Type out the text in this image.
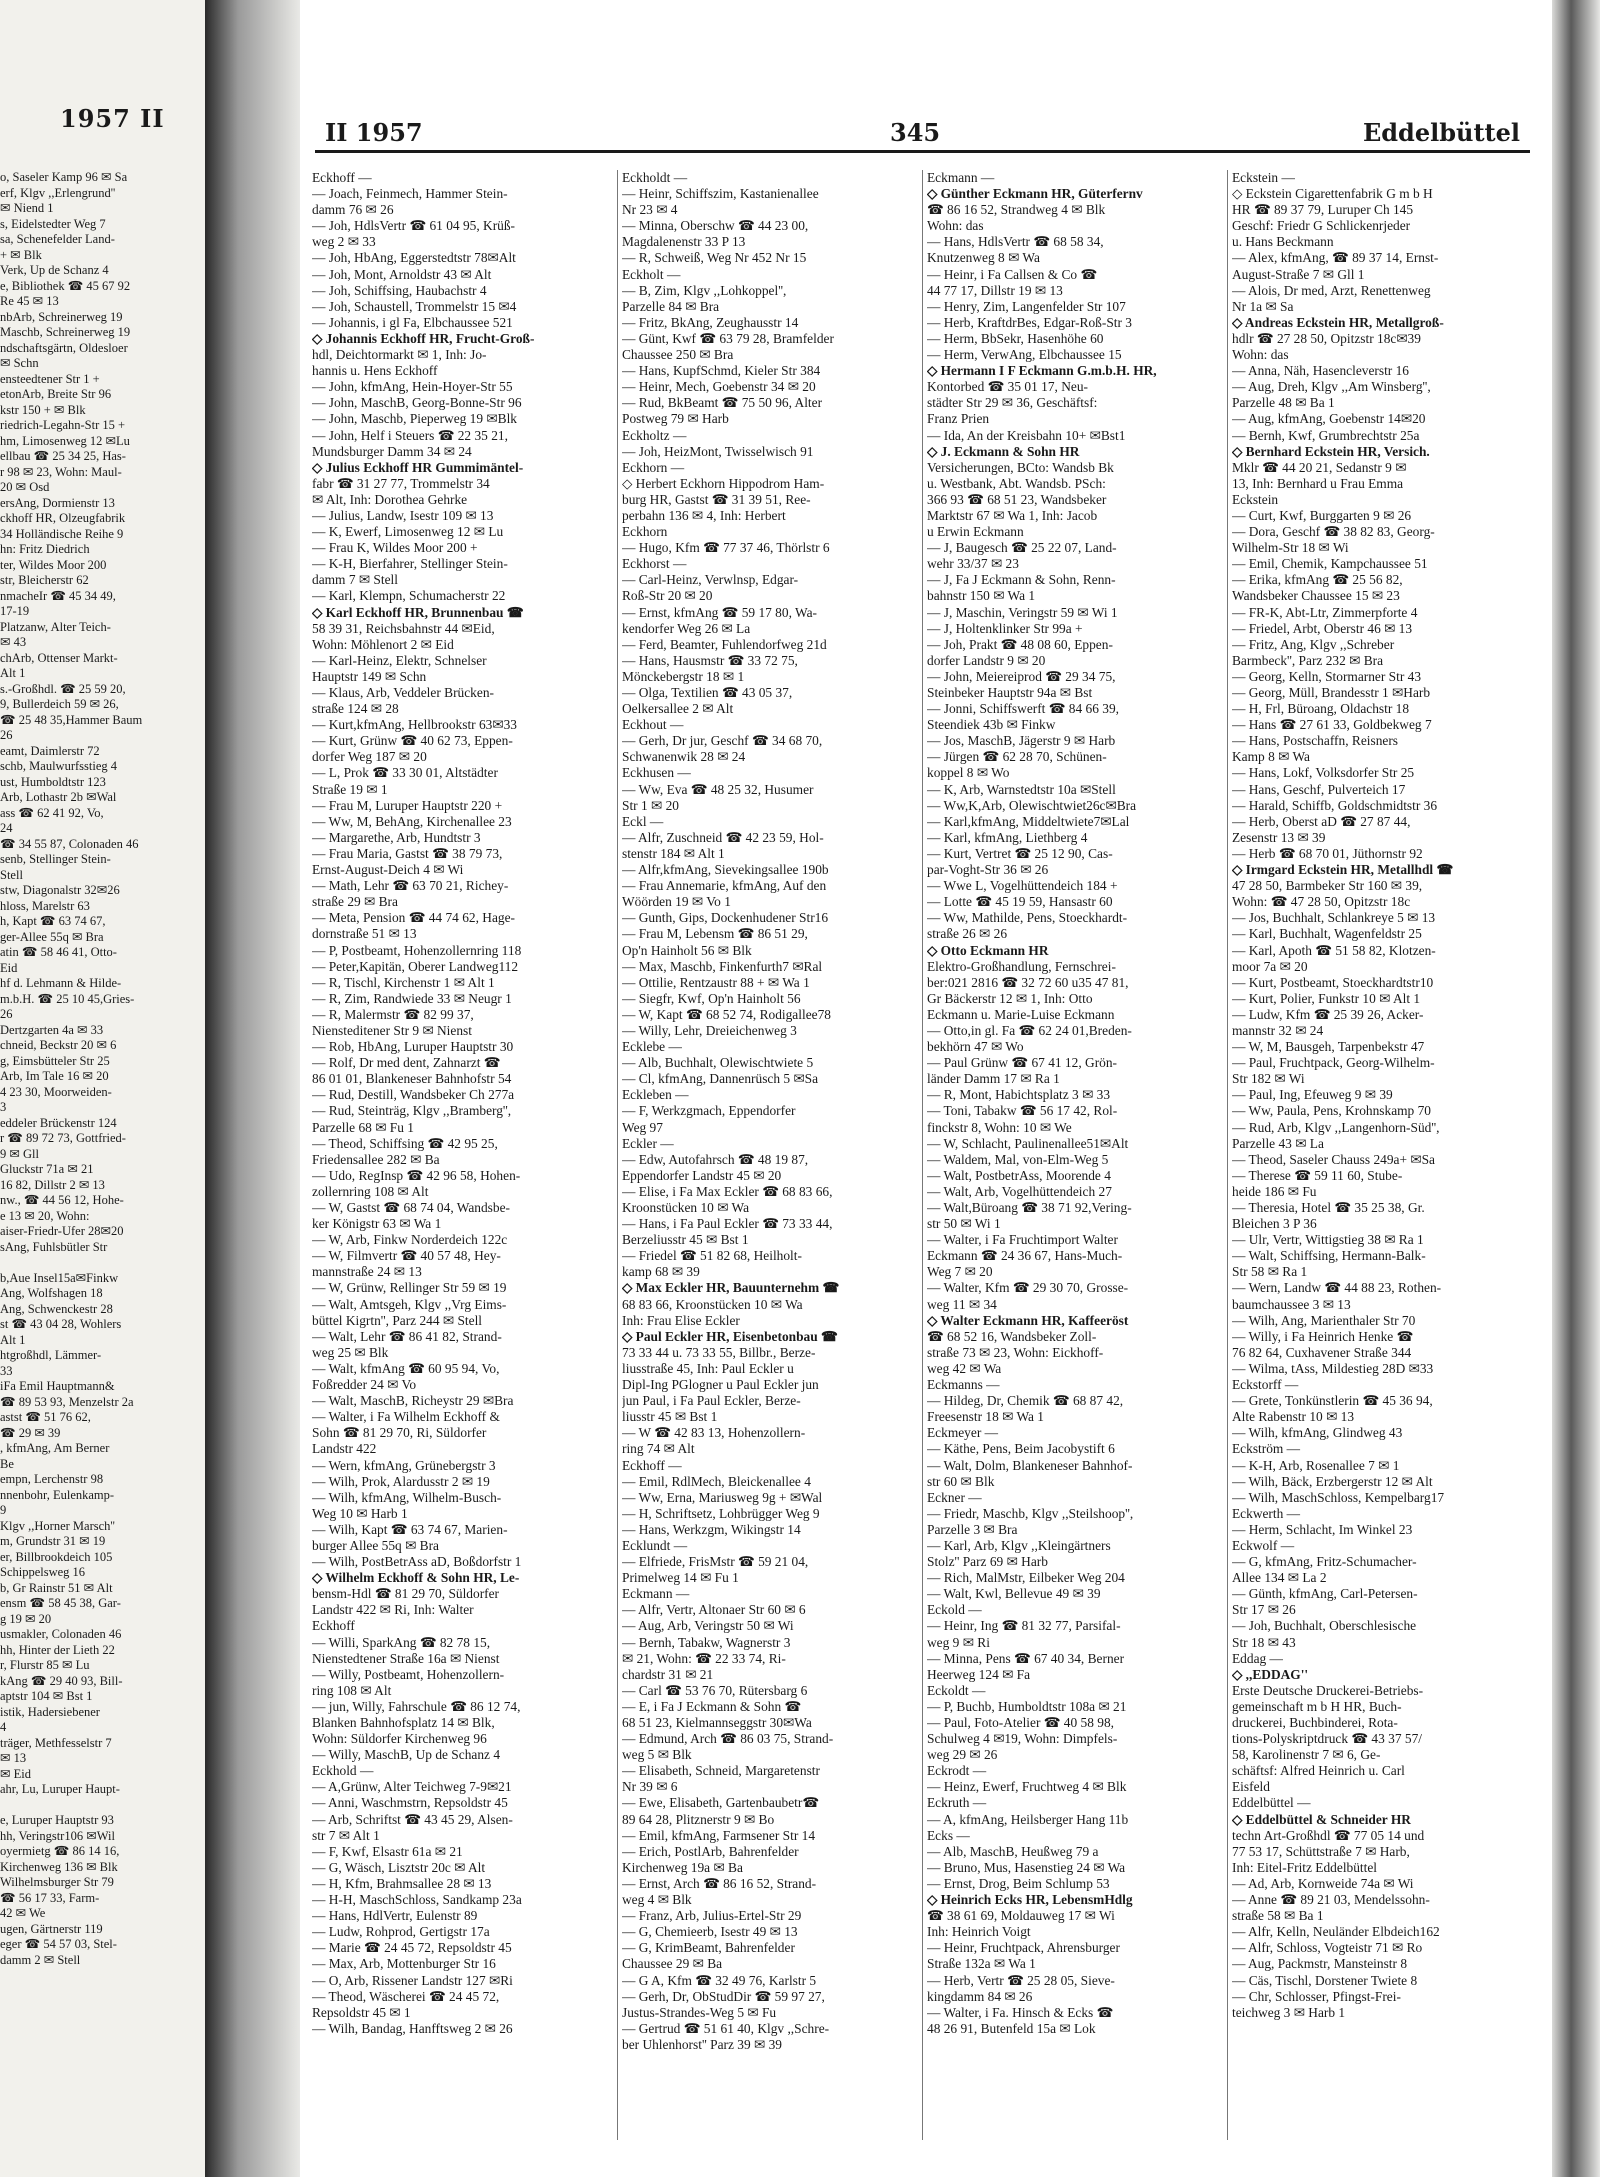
1957 II
o, Saseler Kamp 96 ✉ Sa
erf, Klgv ,,Erlengrund''
✉ Niend 1
s, Eidelstedter Weg 7
sa, Schenefelder Land-
+ ✉ Blk
Verk, Up de Schanz 4
e, Bibliothek ☎ 45 67 92
Re 45 ✉ 13
nbArb, Schreinerweg 19
Maschb, Schreinerweg 19
ndschaftsgärtn, Oldesloer
✉ Schn
ensteedtener Str 1 +
etonArb, Breite Str 96
kstr 150 + ✉ Blk
riedrich-Legahn-Str 15 +
hm, Limosenweg 12 ✉Lu
ellbau ☎ 25 34 25, Has-
r 98 ✉ 23, Wohn: Maul-
20 ✉ Osd
ersAng, Dormienstr 13
ckhoff HR, Olzeugfabrik
34 Holländische Reihe 9
hn: Fritz Diedrich
ter, Wildes Moor 200
str, Bleicherstr 62
nmacheIr ☎ 45 34 49,
17-19
Platzanw, Alter Teich-
✉ 43
chArb, Ottenser Markt-
Alt 1
s.-Großhdl. ☎ 25 59 20,
9, Bullerdeich 59 ✉ 26,
☎ 25 48 35,Hammer Baum
26
eamt, Daimlerstr 72
schb, Maulwurfsstieg 4
ust, Humboldtstr 123
Arb, Lothastr 2b ✉Wal
ass ☎ 62 41 92, Vo,
24
☎ 34 55 87, Colonaden 46
senb, Stellinger Stein-
Stell
stw, Diagonalstr 32✉26
hloss, Marelstr 63
h, Kapt ☎ 63 74 67,
ger-Allee 55q ✉ Bra
atin ☎ 58 46 41, Otto-
Eid
hf d. Lehmann & Hilde-
m.b.H. ☎ 25 10 45,Gries-
26
Dertzgarten 4a ✉ 33
chneid, Beckstr 20 ✉ 6
g, Eimsbütteler Str 25
Arb, Im Tale 16 ✉ 20
4 23 30, Moorweiden-
3
eddeler Brückenstr 124
r ☎ 89 72 73, Gottfried-
9 ✉ Gll
Gluckstr 71a ✉ 21
16 82, Dillstr 2 ✉ 13
nw., ☎ 44 56 12, Hohe-
e 13 ✉ 20, Wohn:
aiser-Friedr-Ufer 28✉20
sAng, Fuhlsbütler Str

b,Aue Insel15a✉Finkw
Ang, Wolfshagen 18
Ang, Schwenckestr 28
st ☎ 43 04 28, Wohlers
Alt 1
htgroßhdl, Lämmer-
33
iFa Emil Hauptmann&
☎ 89 53 93, Menzelstr 2a
astst ☎ 51 76 62,
☎ 29 ✉ 39
, kfmAng, Am Berner
Be
empn, Lerchenstr 98
nnenbohr, Eulenkamp-
9
Klgv ,,Horner Marsch''
m, Grundstr 31 ✉ 19
er, Billbrookdeich 105
Schippelsweg 16
b, Gr Rainstr 51 ✉ Alt
ensm ☎ 58 45 38, Gar-
g 19 ✉ 20
usmakler, Colonaden 46
hh, Hinter der Lieth 22
r, Flurstr 85 ✉ Lu
kAng ☎ 29 40 93, Bill-
aptstr 104 ✉ Bst 1
istik, Hadersiebener
4
träger, Methfesselstr 7
✉ 13
✉ Eid
ahr, Lu, Luruper Haupt-

e, Luruper Hauptstr 93
hh, Veringstr106 ✉Wil
oyermietg ☎ 86 14 16,
Kirchenweg 136 ✉ Blk
Wilhelmsburger Str 79
☎ 56 17 33, Farm-
42 ✉ We
ugen, Gärtnerstr 119
eger ☎ 54 57 03, Stel-
damm 2 ✉ Stell
II 1957	345	Eddelbüttel
Eckhoff —
— Joach, Feinmech, Hammer Stein-
damm 76 ✉ 26
— Joh, HdlsVertr ☎ 61 04 95, Krüß-
weg 2 ✉ 33
— Joh, HbAng, Eggerstedtstr 78✉Alt
— Joh, Mont, Arnoldstr 43 ✉ Alt
— Joh, Schiffsing, Haubachstr 4
— Joh, Schaustell, Trommelstr 15 ✉4
— Johannis, i gl Fa, Elbchaussee 521
◇ Johannis Eckhoff HR, Frucht-Groß-
hdl, Deichtormarkt ✉ 1, Inh: Jo-
hannis u. Hens Eckhoff
— John, kfmAng, Hein-Hoyer-Str 55
— John, MaschB, Georg-Bonne-Str 96
— John, Maschb, Pieperweg 19 ✉Blk
— John, Helf i Steuers ☎ 22 35 21,
Mundsburger Damm 34 ✉ 24
◇ Julius Eckhoff HR Gummimäntel-
fabr ☎ 31 27 77, Trommelstr 34
✉ Alt, Inh: Dorothea Gehrke
— Julius, Landw, Isestr 109 ✉ 13
— K, Ewerf, Limosenweg 12 ✉ Lu
— Frau K, Wildes Moor 200 +
— K-H, Bierfahrer, Stellinger Stein-
damm 7 ✉ Stell
— Karl, Klempn, Schumacherstr 22
◇ Karl Eckhoff HR, Brunnenbau ☎
58 39 31, Reichsbahnstr 44 ✉Eid,
Wohn: Möhlenort 2 ✉ Eid
— Karl-Heinz, Elektr, Schnelser
Hauptstr 149 ✉ Schn
— Klaus, Arb, Veddeler Brücken-
straße 124 ✉ 28
— Kurt,kfmAng, Hellbrookstr 63✉33
— Kurt, Grünw ☎ 40 62 73, Eppen-
dorfer Weg 187 ✉ 20
— L, Prok ☎ 33 30 01, Altstädter
Straße 19 ✉ 1
— Frau M, Luruper Hauptstr 220 +
— Ww, M, BehAng, Kirchenallee 23
— Margarethe, Arb, Hundtstr 3
— Frau Maria, Gastst ☎ 38 79 73,
Ernst-August-Deich 4 ✉ Wi
— Math, Lehr ☎ 63 70 21, Richey-
straße 29 ✉ Bra
— Meta, Pension ☎ 44 74 62, Hage-
dornstraße 51 ✉ 13
— P, Postbeamt, Hohenzollernring 118
— Peter,Kapitän, Oberer Landweg112
— R, Tischl, Kirchenstr 1 ✉ Alt 1
— R, Zim, Randwiede 33 ✉ Neugr 1
— R, Malermstr ☎ 82 99 37,
Niensteditener Str 9 ✉ Nienst
— Rob, HbAng, Luruper Hauptstr 30
— Rolf, Dr med dent, Zahnarzt ☎
86 01 01, Blankeneser Bahnhofstr 54
— Rud, Destill, Wandsbeker Ch 277a
— Rud, Steinträg, Klgv ,,Bramberg'',
Parzelle 68 ✉ Fu 1
— Theod, Schiffsing ☎ 42 95 25,
Friedensallee 282 ✉ Ba
— Udo, RegInsp ☎ 42 96 58, Hohen-
zollernring 108 ✉ Alt
— W, Gastst ☎ 68 74 04, Wandsbe-
ker Königstr 63 ✉ Wa 1
— W, Arb, Finkw Norderdeich 122c
— W, Filmvertr ☎ 40 57 48, Hey-
mannstraße 24 ✉ 13
— W, Grünw, Rellinger Str 59 ✉ 19
— Walt, Amtsgeh, Klgv ,,Vrg Eims-
büttel Kigrtn'', Parz 244 ✉ Stell
— Walt, Lehr ☎ 86 41 82, Strand-
weg 25 ✉ Blk
— Walt, kfmAng ☎ 60 95 94, Vo,
Foßredder 24 ✉ Vo
— Walt, MaschB, Richeystr 29 ✉Bra
— Walter, i Fa Wilhelm Eckhoff &
Sohn ☎ 81 29 70, Ri, Süldorfer
Landstr 422
— Wern, kfmAng, Grünebergstr 3
— Wilh, Prok, Alardusstr 2 ✉ 19
— Wilh, kfmAng, Wilhelm-Busch-
Weg 10 ✉ Harb 1
— Wilh, Kapt ☎ 63 74 67, Marien-
burger Allee 55q ✉ Bra
— Wilh, PostBetrAss aD, Boßdorfstr 1
◇ Wilhelm Eckhoff & Sohn HR, Le-
bensm-Hdl ☎ 81 29 70, Süldorfer
Landstr 422 ✉ Ri, Inh: Walter
Eckhoff
— Willi, SparkAng ☎ 82 78 15,
Nienstedtener Straße 16a ✉ Nienst
— Willy, Postbeamt, Hohenzollern-
ring 108 ✉ Alt
— jun, Willy, Fahrschule ☎ 86 12 74,
Blanken Bahnhofsplatz 14 ✉ Blk,
Wohn: Süldorfer Kirchenweg 96
— Willy, MaschB, Up de Schanz 4
Eckhold —
— A,Grünw, Alter Teichweg 7-9✉21
— Anni, Waschmstrn, Repsoldstr 45
— Arb, Schriftst ☎ 43 45 29, Alsen-
str 7 ✉ Alt 1
— F, Kwf, Elsastr 61a ✉ 21
— G, Wäsch, Lisztstr 20c ✉ Alt
— H, Kfm, Brahmsallee 28 ✉ 13
— H-H, MaschSchloss, Sandkamp 23a
— Hans, HdlVertr, Eulenstr 89
— Ludw, Rohprod, Gertigstr 17a
— Marie ☎ 24 45 72, Repsoldstr 45
— Max, Arb, Mottenburger Str 16
— O, Arb, Rissener Landstr 127 ✉Ri
— Theod, Wäscherei ☎ 24 45 72,
Repsoldstr 45 ✉ 1
— Wilh, Bandag, Hanfftsweg 2 ✉ 26
Eckholdt —
— Heinr, Schiffszim, Kastanienallee
Nr 23 ✉ 4
— Minna, Oberschw ☎ 44 23 00,
Magdalenenstr 33 P 13
— R, Schweiß, Weg Nr 452 Nr 15
Eckholt —
— B, Zim, Klgv ,,Lohkoppel'',
Parzelle 84 ✉ Bra
— Fritz, BkAng, Zeughausstr 14
— Günt, Kwf ☎ 63 79 28, Bramfelder
Chaussee 250 ✉ Bra
— Hans, KupfSchmd, Kieler Str 384
— Heinr, Mech, Goebenstr 34 ✉ 20
— Rud, BkBeamt ☎ 75 50 96, Alter
Postweg 79 ✉ Harb
Eckholtz —
— Joh, HeizMont, Twisselwisch 91
Eckhorn —
◇ Herbert Eckhorn Hippodrom Ham-
burg HR, Gastst ☎ 31 39 51, Ree-
perbahn 136 ✉ 4, Inh: Herbert
Eckhorn
— Hugo, Kfm ☎ 77 37 46, Thörlstr 6
Eckhorst —
— Carl-Heinz, Verwlnsp, Edgar-
Roß-Str 20 ✉ 20
— Ernst, kfmAng ☎ 59 17 80, Wa-
kendorfer Weg 26 ✉ La
— Ferd, Beamter, Fuhlendorfweg 21d
— Hans, Hausmstr ☎ 33 72 75,
Mönckebergstr 18 ✉ 1
— Olga, Textilien ☎ 43 05 37,
Oelkersallee 2 ✉ Alt
Eckhout —
— Gerh, Dr jur, Geschf ☎ 34 68 70,
Schwanenwik 28 ✉ 24
Eckhusen —
— Ww, Eva ☎ 48 25 32, Husumer
Str 1 ✉ 20
Eckl —
— Alfr, Zuschneid ☎ 42 23 59, Hol-
stenstr 184 ✉ Alt 1
— Alfr,kfmAng, Sievekingsallee 190b
— Frau Annemarie, kfmAng, Auf den
Wöörden 19 ✉ Vo 1
— Gunth, Gips, Dockenhudener Str16
— Frau M, Lebensm ☎ 86 51 29,
Op'n Hainholt 56 ✉ Blk
— Max, Maschb, Finkenfurth7 ✉Ral
— Ottilie, Rentzaustr 88 + ✉ Wa 1
— Siegfr, Kwf, Op'n Hainholt 56
— W, Kapt ☎ 68 52 74, Rodigallee78
— Willy, Lehr, Dreieichenweg 3
Ecklebe —
— Alb, Buchhalt, Olewischtwiete 5
— Cl, kfmAng, Dannenrüsch 5 ✉Sa
Eckleben —
— F, Werkzgmach, Eppendorfer
Weg 97
Eckler —
— Edw, Autofahrsch ☎ 48 19 87,
Eppendorfer Landstr 45 ✉ 20
— Elise, i Fa Max Eckler ☎ 68 83 66,
Kroonstücken 10 ✉ Wa
— Hans, i Fa Paul Eckler ☎ 73 33 44,
Berzeliusstr 45 ✉ Bst 1
— Friedel ☎ 51 82 68, Heilholt-
kamp 68 ✉ 39
◇ Max Eckler HR, Bauunternehm ☎
68 83 66, Kroonstücken 10 ✉ Wa
Inh: Frau Elise Eckler
◇ Paul Eckler HR, Eisenbetonbau ☎
73 33 44 u. 73 33 55, Billbr., Berze-
liusstraße 45, Inh: Paul Eckler u
Dipl-Ing PGlogner u Paul Eckler jun
jun Paul, i Fa Paul Eckler, Berze-
liusstr 45 ✉ Bst 1
— W ☎ 42 83 13, Hohenzollern-
ring 74 ✉ Alt
Eckhoff —
— Emil, RdlMech, Bleickenallee 4
— Ww, Erna, Mariusweg 9g + ✉Wal
— H, Schriftsetz, Lohbrügger Weg 9
— Hans, Werkzgm, Wikingstr 14
Ecklundt —
— Elfriede, FrisMstr ☎ 59 21 04,
Primelweg 14 ✉ Fu 1
Eckmann —
— Alfr, Vertr, Altonaer Str 60 ✉ 6
— Aug, Arb, Veringstr 50 ✉ Wi
— Bernh, Tabakw, Wagnerstr 3
✉ 21, Wohn: ☎ 22 33 74, Ri-
chardstr 31 ✉ 21
— Carl ☎ 53 76 70, Rütersbarg 6
— E, i Fa J Eckmann & Sohn ☎
68 51 23, Kielmannseggstr 30✉Wa
— Edmund, Arch ☎ 86 03 75, Strand-
weg 5 ✉ Blk
— Elisabeth, Schneid, Margaretenstr
Nr 39 ✉ 6
— Ewe, Elisabeth, Gartenbaubetr☎
89 64 28, Plitznerstr 9 ✉ Bo
— Emil, kfmAng, Farmsener Str 14
— Erich, PostlArb, Bahrenfelder
Kirchenweg 19a ✉ Ba
— Ernst, Arch ☎ 86 16 52, Strand-
weg 4 ✉ Blk
— Franz, Arb, Julius-Ertel-Str 29
— G, Chemieerb, Isestr 49 ✉ 13
— G, KrimBeamt, Bahrenfelder
Chaussee 29 ✉ Ba
— G A, Kfm ☎ 32 49 76, Karlstr 5
— Gerh, Dr, ObStudDir ☎ 59 97 27,
Justus-Strandes-Weg 5 ✉ Fu
— Gertrud ☎ 51 61 40, Klgv ,,Schre-
ber Uhlenhorst'' Parz 39 ✉ 39
Eckmann —
◇ Günther Eckmann HR, Güterfernv
☎ 86 16 52, Strandweg 4 ✉ Blk
Wohn: das
— Hans, HdlsVertr ☎ 68 58 34,
Knutzenweg 8 ✉ Wa
— Heinr, i Fa Callsen & Co ☎
44 77 17, Dillstr 19 ✉ 13
— Henry, Zim, Langenfelder Str 107
— Herb, KraftdrBes, Edgar-Roß-Str 3
— Herm, BbSekr, Hasenhöhe 60
— Herm, VerwAng, Elbchaussee 15
◇ Hermann I F Eckmann G.m.b.H. HR,
Kontorbed ☎ 35 01 17, Neu-
städter Str 29 ✉ 36, Geschäftsf:
Franz Prien
— Ida, An der Kreisbahn 10+ ✉Bst1
◇ J. Eckmann & Sohn HR
Versicherungen, BCto: Wandsb Bk
u. Westbank, Abt. Wandsb. PSch:
366 93 ☎ 68 51 23, Wandsbeker
Marktstr 67 ✉ Wa 1, Inh: Jacob
u Erwin Eckmann
— J, Baugesch ☎ 25 22 07, Land-
wehr 33/37 ✉ 23
— J, Fa J Eckmann & Sohn, Renn-
bahnstr 150 ✉ Wa 1
— J, Maschin, Veringstr 59 ✉ Wi 1
— J, Holtenklinker Str 99a +
— Joh, Prakt ☎ 48 08 60, Eppen-
dorfer Landstr 9 ✉ 20
— John, Meiereiprod ☎ 29 34 75,
Steinbeker Hauptstr 94a ✉ Bst
— Jonni, Schiffswerft ☎ 84 66 39,
Steendiek 43b ✉ Finkw
— Jos, MaschB, Jägerstr 9 ✉ Harb
— Jürgen ☎ 62 28 70, Schünen-
koppel 8 ✉ Wo
— K, Arb, Warnstedtstr 10a ✉Stell
— Ww,K,Arb, Olewischtwiet26c✉Bra
— Karl,kfmAng, Middeltwiete7✉Lal
— Karl, kfmAng, Liethberg 4
— Kurt, Vertret ☎ 25 12 90, Cas-
par-Voght-Str 36 ✉ 26
— Wwe L, Vogelhüttendeich 184 +
— Lotte ☎ 45 19 59, Hansastr 60
— Ww, Mathilde, Pens, Stoeckhardt-
straße 26 ✉ 26
◇ Otto Eckmann HR
Elektro-Großhandlung, Fernschrei-
ber:021 2816 ☎ 32 72 60 u35 47 81,
Gr Bäckerstr 12 ✉ 1, Inh: Otto
Eckmann u. Marie-Luise Eckmann
— Otto,in gl. Fa ☎ 62 24 01,Breden-
bekhörn 47 ✉ Wo
— Paul Grünw ☎ 67 41 12, Grön-
länder Damm 17 ✉ Ra 1
— R, Mont, Habichtsplatz 3 ✉ 33
— Toni, Tabakw ☎ 56 17 42, Rol-
finckstr 8, Wohn: 10 ✉ We
— W, Schlacht, Paulinenallee51✉Alt
— Waldem, Mal, von-Elm-Weg 5
— Walt, PostbetrAss, Moorende 4
— Walt, Arb, Vogelhüttendeich 27
— Walt,Büroang ☎ 38 71 92,Vering-
str 50 ✉ Wi 1
— Walter, i Fa Fruchtimport Walter
Eckmann ☎ 24 36 67, Hans-Much-
Weg 7 ✉ 20
— Walter, Kfm ☎ 29 30 70, Grosse-
weg 11 ✉ 34
◇ Walter Eckmann HR, Kaffeeröst
☎ 68 52 16, Wandsbeker Zoll-
straße 73 ✉ 23, Wohn: Eickhoff-
weg 42 ✉ Wa
Eckmanns —
— Hildeg, Dr, Chemik ☎ 68 87 42,
Freesenstr 18 ✉ Wa 1
Eckmeyer —
— Käthe, Pens, Beim Jacobystift 6
— Walt, Dolm, Blankeneser Bahnhof-
str 60 ✉ Blk
Eckner —
— Friedr, Maschb, Klgv ,,Steilshoop'',
Parzelle 3 ✉ Bra
— Karl, Arb, Klgv ,,Kleingärtners
Stolz'' Parz 69 ✉ Harb
— Rich, MalMstr, Eilbeker Weg 204
— Walt, Kwl, Bellevue 49 ✉ 39
Eckold —
— Heinr, Ing ☎ 81 32 77, Parsifal-
weg 9 ✉ Ri
— Minna, Pens ☎ 67 40 34, Berner
Heerweg 124 ✉ Fa
Eckoldt —
— P, Buchb, Humboldtstr 108a ✉ 21
— Paul, Foto-Atelier ☎ 40 58 98,
Schulweg 4 ✉19, Wohn: Dimpfels-
weg 29 ✉ 26
Eckrodt —
— Heinz, Ewerf, Fruchtweg 4 ✉ Blk
Eckruth —
— A, kfmAng, Heilsberger Hang 11b
Ecks —
— Alb, MaschB, Heußweg 79 a
— Bruno, Mus, Hasenstieg 24 ✉ Wa
— Ernst, Drog, Beim Schlump 53
◇ Heinrich Ecks HR, LebensmHdlg
☎ 38 61 69, Moldauweg 17 ✉ Wi
Inh: Heinrich Voigt
— Heinr, Fruchtpack, Ahrensburger
Straße 132a ✉ Wa 1
— Herb, Vertr ☎ 25 28 05, Sieve-
kingdamm 84 ✉ 26
— Walter, i Fa. Hinsch & Ecks ☎
48 26 91, Butenfeld 15a ✉ Lok
Eckstein —
◇ Eckstein Cigarettenfabrik G m b H
HR ☎ 89 37 79, Luruper Ch 145
Geschf: Friedr G Schlickenrjeder
u. Hans Beckmann
— Alex, kfmAng, ☎ 89 37 14, Ernst-
August-Straße 7 ✉ Gll 1
— Alois, Dr med, Arzt, Renettenweg
Nr 1a ✉ Sa
◇ Andreas Eckstein HR, Metallgroß-
hdlr ☎ 27 28 50, Opitzstr 18c✉39
Wohn: das
— Anna, Näh, Hasencleverstr 16
— Aug, Dreh, Klgv ,,Am Winsberg'',
Parzelle 48 ✉ Ba 1
— Aug, kfmAng, Goebenstr 14✉20
— Bernh, Kwf, Grumbrechtstr 25a
◇ Bernhard Eckstein HR, Versich.
Mklr ☎ 44 20 21, Sedanstr 9 ✉
13, Inh: Bernhard u Frau Emma
Eckstein
— Curt, Kwf, Burggarten 9 ✉ 26
— Dora, Geschf ☎ 38 82 83, Georg-
Wilhelm-Str 18 ✉ Wi
— Emil, Chemik, Kampchaussee 51
— Erika, kfmAng ☎ 25 56 82,
Wandsbeker Chaussee 15 ✉ 23
— FR-K, Abt-Ltr, Zimmerpforte 4
— Friedel, Arbt, Oberstr 46 ✉ 13
— Fritz, Ang, Klgv ,,Schreber
Barmbeck'', Parz 232 ✉ Bra
— Georg, Kelln, Stormarner Str 43
— Georg, Müll, Brandesstr 1 ✉Harb
— H, Frl, Büroang, Oldachstr 18
— Hans ☎ 27 61 33, Goldbekweg 7
— Hans, Postschaffn, Reisners
Kamp 8 ✉ Wa
— Hans, Lokf, Volksdorfer Str 25
— Hans, Geschf, Pulverteich 17
— Harald, Schiffb, Goldschmidtstr 36
— Herb, Oberst aD ☎ 27 87 44,
Zesenstr 13 ✉ 39
— Herb ☎ 68 70 01, Jüthornstr 92
◇ Irmgard Eckstein HR, Metallhdl ☎
47 28 50, Barmbeker Str 160 ✉ 39,
Wohn: ☎ 47 28 50, Opitzstr 18c
— Jos, Buchhalt, Schlankreye 5 ✉ 13
— Karl, Buchhalt, Wagenfeldstr 25
— Karl, Apoth ☎ 51 58 82, Klotzen-
moor 7a ✉ 20
— Kurt, Postbeamt, Stoeckhardtstr10
— Kurt, Polier, Funkstr 10 ✉ Alt 1
— Ludw, Kfm ☎ 25 39 26, Acker-
mannstr 32 ✉ 24
— W, M, Bausgeh, Tarpenbekstr 47
— Paul, Fruchtpack, Georg-Wilhelm-
Str 182 ✉ Wi
— Paul, Ing, Efeuweg 9 ✉ 39
— Ww, Paula, Pens, Krohnskamp 70
— Rud, Arb, Klgv ,,Langenhorn-Süd'',
Parzelle 43 ✉ La
— Theod, Saseler Chauss 249a+ ✉Sa
— Therese ☎ 59 11 60, Stube-
heide 186 ✉ Fu
— Theresia, Hotel ☎ 35 25 38, Gr.
Bleichen 3 P 36
— Ulr, Vertr, Wittigstieg 38 ✉ Ra 1
— Walt, Schiffsing, Hermann-Balk-
Str 58 ✉ Ra 1
— Wern, Landw ☎ 44 88 23, Rothen-
baumchaussee 3 ✉ 13
— Wilh, Ang, Marienthaler Str 70
— Willy, i Fa Heinrich Henke ☎
76 82 64, Cuxhavener Straße 344
— Wilma, tAss, Mildestieg 28D ✉33
Eckstorff —
— Grete, Tonkünstlerin ☎ 45 36 94,
Alte Rabenstr 10 ✉ 13
— Wilh, kfmAng, Glindweg 43
Eckström —
— K-H, Arb, Rosenallee 7 ✉ 1
— Wilh, Bäck, Erzbergerstr 12 ✉ Alt
— Wilh, MaschSchloss, Kempelbarg17
Eckwerth —
— Herm, Schlacht, Im Winkel 23
Eckwolf —
— G, kfmAng, Fritz-Schumacher-
Allee 134 ✉ La 2
— Günth, kfmAng, Carl-Petersen-
Str 17 ✉ 26
— Joh, Buchhalt, Oberschlesische
Str 18 ✉ 43
Eddag —
◇ ,,EDDAG''
Erste Deutsche Druckerei-Betriebs-
gemeinschaft m b H HR, Buch-
druckerei, Buchbinderei, Rota-
tions-Polyskriptdruck ☎ 43 37 57/
58, Karolinenstr 7 ✉ 6, Ge-
schäftsf: Alfred Heinrich u. Carl
Eisfeld
Eddelbüttel —
◇ Eddelbüttel & Schneider HR
techn Art-Großhdl ☎ 77 05 14 und
77 53 17, Schüttstraße 7 ✉ Harb,
Inh: Eitel-Fritz Eddelbüttel
— Ad, Arb, Kornweide 74a ✉ Wi
— Anne ☎ 89 21 03, Mendelssohn-
straße 58 ✉ Ba 1
— Alfr, Kelln, Neuländer Elbdeich162
— Alfr, Schloss, Vogteistr 71 ✉ Ro
— Aug, Packmstr, Mansteinstr 8
— Cäs, Tischl, Dorstener Twiete 8
— Chr, Schlosser, Pfingst-Frei-
teichweg 3 ✉ Harb 1
